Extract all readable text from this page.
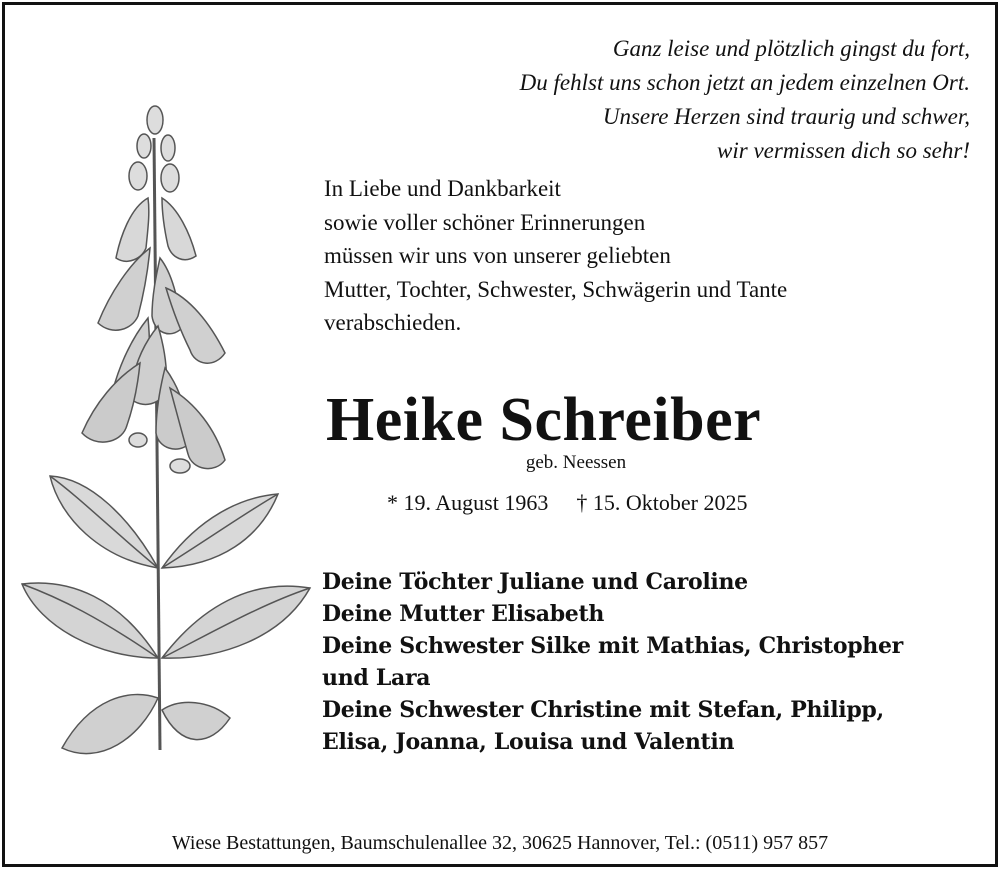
Ganz leise und plötzlich gingst du fort,
Du fehlst uns schon jetzt an jedem einzelnen Ort.
Unsere Herzen sind traurig und schwer,
wir vermissen dich so sehr!
In Liebe und Dankbarkeit
sowie voller schöner Erinnerungen
müssen wir uns von unserer geliebten
Mutter, Tochter, Schwester, Schwägerin und Tante
verabschieden.
Heike Schreiber
geb. Neessen
* 19. August 1963 † 15. Oktober 2025
Deine Töchter Juliane und Caroline
Deine Mutter Elisabeth
Deine Schwester Silke mit Mathias, Christopher
und Lara
Deine Schwester Christine mit Stefan, Philipp,
Elisa, Joanna, Louisa und Valentin
Wiese Bestattungen, Baumschulenallee 32, 30625 Hannover, Tel.: (0511) 957 857
